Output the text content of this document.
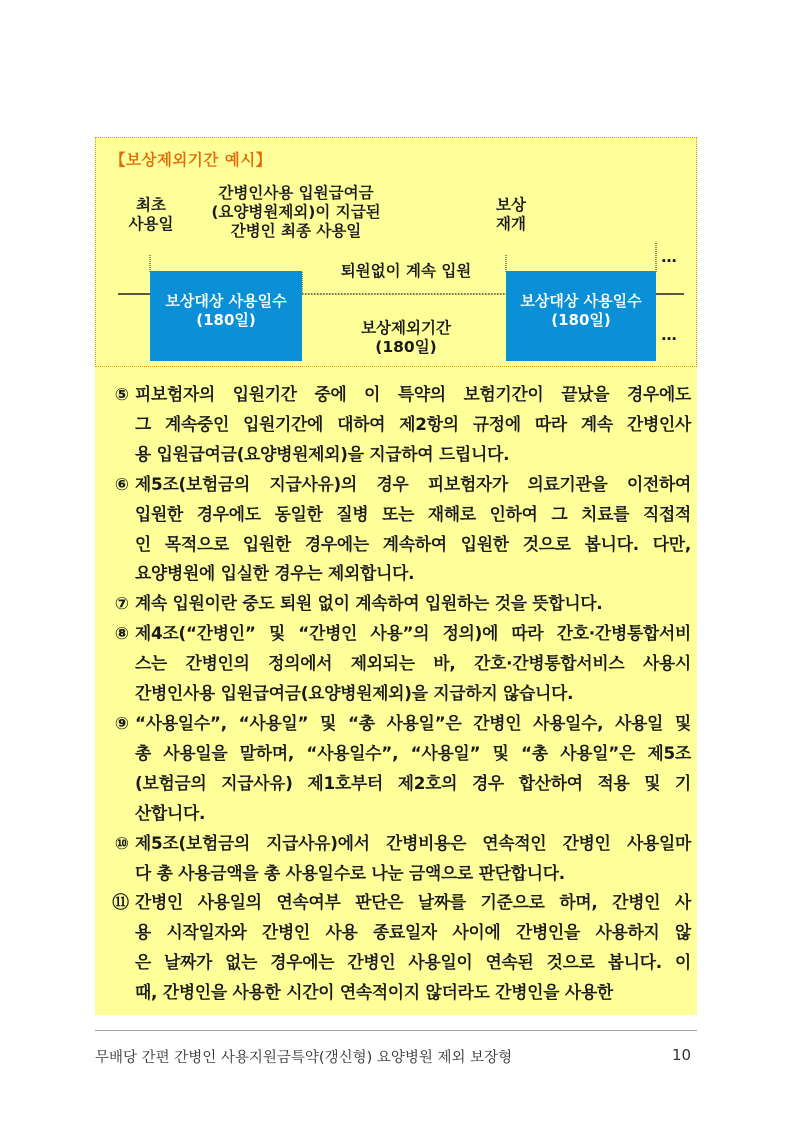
【보상제외기간 예시】
최초
사용일
간병인사용 입원급여금
(요양병원제외)이 지급된
간병인 최종 사용일
보상
재개
퇴원없이 계속 입원
…
보상대상 사용일수
(180일)	보상제외기간
(180일)
보상대상 사용일수
(180일)
…
⑤ 피보험자의 입원기간 중에 이 특약의 보험기간이 끝났을 경우에도
그 계속중인 입원기간에 대하여 제2항의 규정에 따라 계속 간병인사
용 입원급여금(요양병원제외)을 지급하여 드립니다.
⑥ 제5조(보험금의 지급사유)의 경우 피보험자가 의료기관을 이전하여
입원한 경우에도 동일한 질병 또는 재해로 인하여 그 치료를 직접적
인 목적으로 입원한 경우에는 계속하여 입원한 것으로 봅니다. 다만,
요양병원에 입실한 경우는 제외합니다.
⑦ 계속 입원이란 중도 퇴원 없이 계속하여 입원하는 것을 뜻합니다.
⑧ 제4조(“간병인” 및 “간병인 사용”의 정의)에 따라 간호·간병통합서비
스는 간병인의 정의에서 제외되는 바, 간호·간병통합서비스 사용시
간병인사용 입원급여금(요양병원제외)을 지급하지 않습니다.
⑨ “사용일수”, “사용일” 및 “총 사용일”은 간병인 사용일수, 사용일 및
총 사용일을 말하며, “사용일수”, “사용일” 및 “총 사용일”은 제5조
(보험금의 지급사유) 제1호부터 제2호의 경우 합산하여 적용 및 기
산합니다.
⑩ 제5조(보험금의 지급사유)에서 간병비용은 연속적인 간병인 사용일마
다 총 사용금액을 총 사용일수로 나눈 금액으로 판단합니다.
⑪ 간병인 사용일의 연속여부 판단은 날짜를 기준으로 하며, 간병인 사
용 시작일자와 간병인 사용 종료일자 사이에 간병인을 사용하지 않
은 날짜가 없는 경우에는 간병인 사용일이 연속된 것으로 봅니다. 이
때, 간병인을 사용한 시간이 연속적이지 않더라도 간병인을 사용한
무배당 간편 간병인 사용지원금특약(갱신형) 요양병원 제외 보장형	10
